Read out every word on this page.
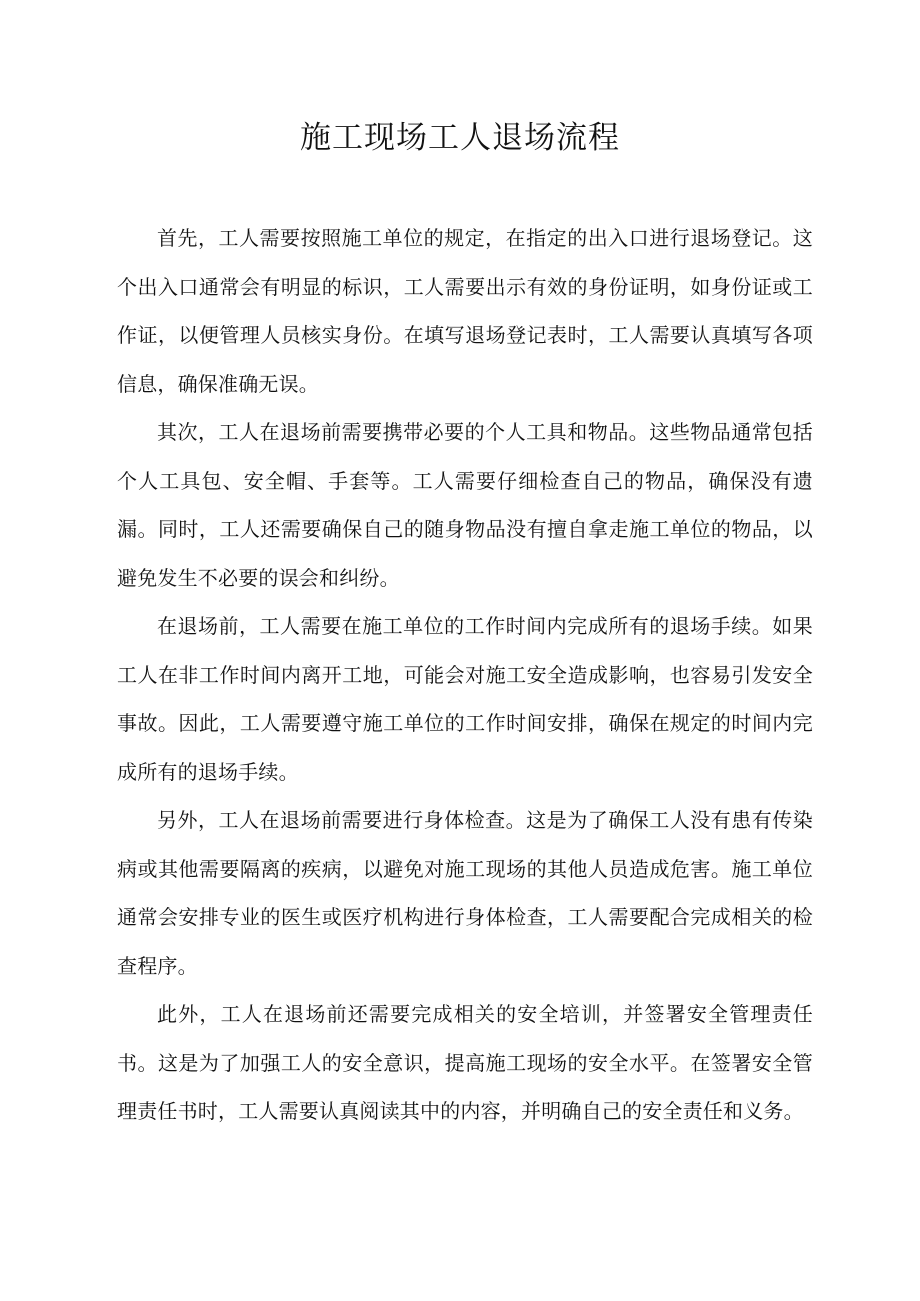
施工现场工人退场流程

首先，工人需要按照施工单位的规定，在指定的出入口进行退场登记。这个出入口通常会有明显的标识，工人需要出示有效的身份证明，如身份证或工作证，以便管理人员核实身份。在填写退场登记表时，工人需要认真填写各项信息，确保准确无误。

其次，工人在退场前需要携带必要的个人工具和物品。这些物品通常包括个人工具包、安全帽、手套等。工人需要仔细检查自己的物品，确保没有遗漏。同时，工人还需要确保自己的随身物品没有擅自拿走施工单位的物品，以避免发生不必要的误会和纠纷。

在退场前，工人需要在施工单位的工作时间内完成所有的退场手续。如果工人在非工作时间内离开工地，可能会对施工安全造成影响，也容易引发安全事故。因此，工人需要遵守施工单位的工作时间安排，确保在规定的时间内完成所有的退场手续。

另外，工人在退场前需要进行身体检查。这是为了确保工人没有患有传染病或其他需要隔离的疾病，以避免对施工现场的其他人员造成危害。施工单位通常会安排专业的医生或医疗机构进行身体检查，工人需要配合完成相关的检查程序。

此外，工人在退场前还需要完成相关的安全培训，并签署安全管理责任书。这是为了加强工人的安全意识，提高施工现场的安全水平。在签署安全管理责任书时，工人需要认真阅读其中的内容，并明确自己的安全责任和义务。
